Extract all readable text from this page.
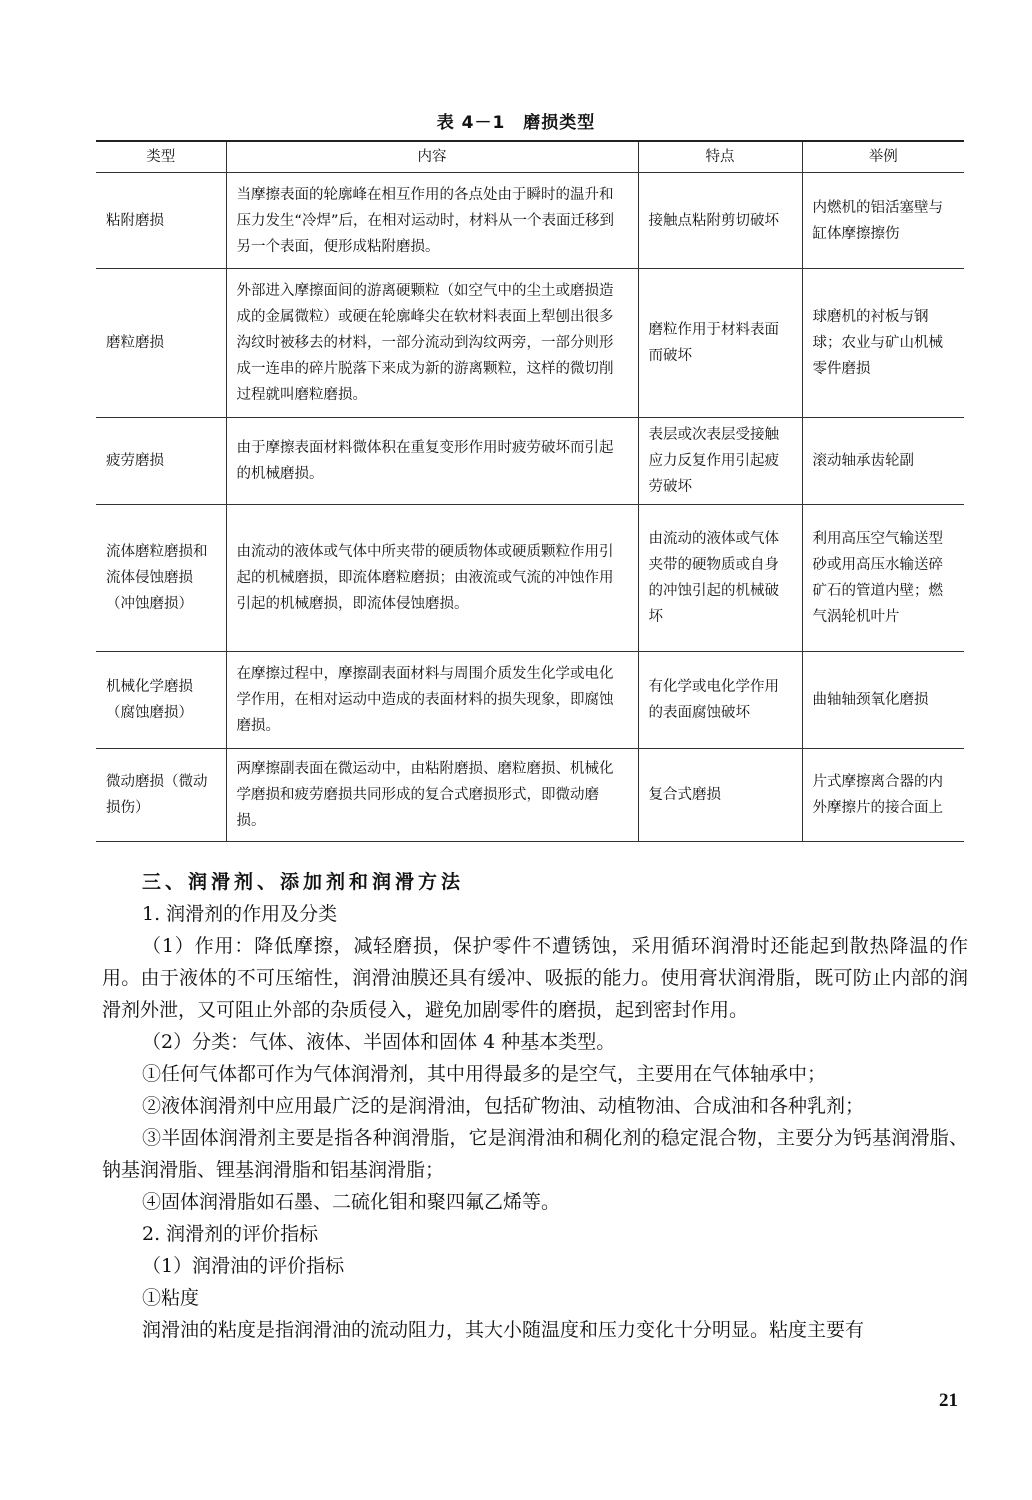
表 4－1　磨损类型
类型	内容	特点	举例
粘附磨损	当摩擦表面的轮廓峰在相互作用的各点处由于瞬时的温升和压力发生“冷焊”后，在相对运动时，材料从一个表面迁移到另一个表面，便形成粘附磨损。	接触点粘附剪切破坏	内燃机的铝活塞壁与缸体摩擦擦伤
磨粒磨损	外部进入摩擦面间的游离硬颗粒（如空气中的尘土或磨损造成的金属微粒）或硬在轮廓峰尖在软材料表面上犁刨出很多沟纹时被移去的材料，一部分流动到沟纹两旁，一部分则形成一连串的碎片脱落下来成为新的游离颗粒，这样的微切削过程就叫磨粒磨损。	磨粒作用于材料表面而破坏	球磨机的衬板与钢球；农业与矿山机械零件磨损
疲劳磨损	由于摩擦表面材料微体积在重复变形作用时疲劳破坏而引起的机械磨损。	表层或次表层受接触应力反复作用引起疲劳破坏	滚动轴承齿轮副
流体磨粒磨损和流体侵蚀磨损（冲蚀磨损）	由流动的液体或气体中所夹带的硬质物体或硬质颗粒作用引起的机械磨损，即流体磨粒磨损；由液流或气流的冲蚀作用引起的机械磨损，即流体侵蚀磨损。	由流动的液体或气体夹带的硬物质或自身的冲蚀引起的机械破坏	利用高压空气输送型砂或用高压水输送碎矿石的管道内壁；燃气涡轮机叶片
机械化学磨损（腐蚀磨损）	在摩擦过程中，摩擦副表面材料与周围介质发生化学或电化学作用，在相对运动中造成的表面材料的损失现象，即腐蚀磨损。	有化学或电化学作用的表面腐蚀破坏	曲轴轴颈氧化磨损
微动磨损（微动损伤）	两摩擦副表面在微运动中，由粘附磨损、磨粒磨损、机械化学磨损和疲劳磨损共同形成的复合式磨损形式，即微动磨损。	复合式磨损	片式摩擦离合器的内外摩擦片的接合面上

三、润滑剂、添加剂和润滑方法

1. 润滑剂的作用及分类

（1）作用：降低摩擦，减轻磨损，保护零件不遭锈蚀，采用循环润滑时还能起到散热降温的作用。由于液体的不可压缩性，润滑油膜还具有缓冲、吸振的能力。使用膏状润滑脂，既可防止内部的润滑剂外泄，又可阻止外部的杂质侵入，避免加剧零件的磨损，起到密封作用。

（2）分类：气体、液体、半固体和固体 4 种基本类型。

①任何气体都可作为气体润滑剂，其中用得最多的是空气，主要用在气体轴承中；

②液体润滑剂中应用最广泛的是润滑油，包括矿物油、动植物油、合成油和各种乳剂；

③半固体润滑剂主要是指各种润滑脂，它是润滑油和稠化剂的稳定混合物，主要分为钙基润滑脂、钠基润滑脂、锂基润滑脂和铝基润滑脂；

④固体润滑脂如石墨、二硫化钼和聚四氟乙烯等。

2. 润滑剂的评价指标

（1）润滑油的评价指标

①粘度

润滑油的粘度是指润滑油的流动阻力，其大小随温度和压力变化十分明显。粘度主要有

21
